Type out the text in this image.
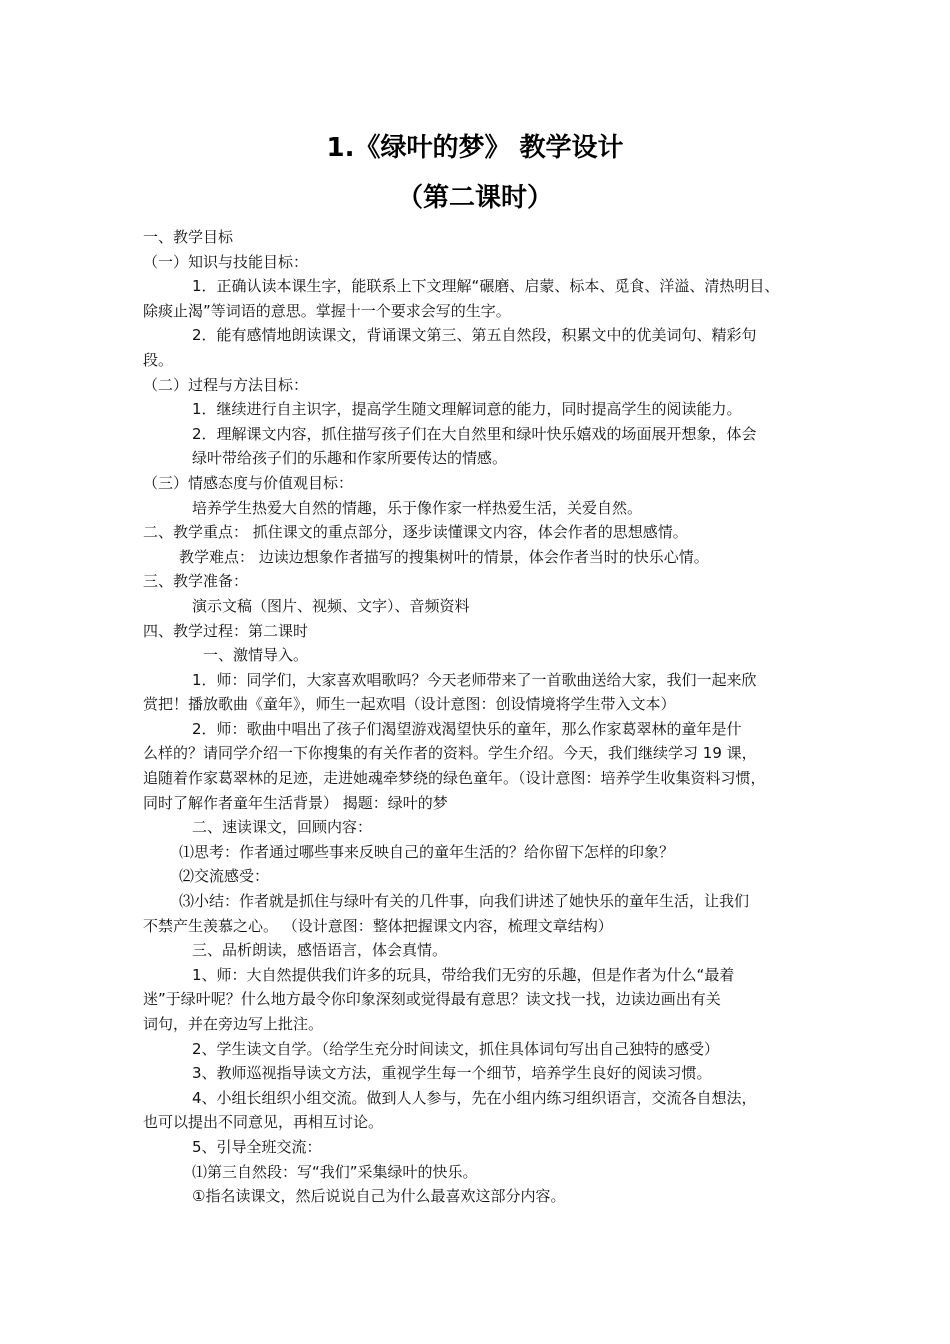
1.《绿叶的梦》 教学设计
（第二课时）

一、教学目标

（一）知识与技能目标：

1．正确认读本课生字，能联系上下文理解“碾磨、启蒙、标本、觅食、洋溢、清热明目、

除痰止渴”等词语的意思。掌握十一个要求会写的生字。

2．能有感情地朗读课文，背诵课文第三、第五自然段，积累文中的优美词句、精彩句

段。

（二）过程与方法目标：

1．继续进行自主识字，提高学生随文理解词意的能力，同时提高学生的阅读能力。

2．理解课文内容，抓住描写孩子们在大自然里和绿叶快乐嬉戏的场面展开想象，体会

绿叶带给孩子们的乐趣和作家所要传达的情感。

（三）情感态度与价值观目标：

培养学生热爱大自然的情趣，乐于像作家一样热爱生活，关爱自然。

二、教学重点： 抓住课文的重点部分，逐步读懂课文内容，体会作者的思想感情。

教学难点： 边读边想象作者描写的搜集树叶的情景，体会作者当时的快乐心情。

三、教学准备：

演示文稿（图片、视频、文字）、音频资料

四、教学过程：第二课时

一、激情导入。

1．师：同学们，大家喜欢唱歌吗？今天老师带来了一首歌曲送给大家，我们一起来欣

赏把！播放歌曲《童年》，师生一起欢唱（设计意图：创设情境将学生带入文本）

2．师：歌曲中唱出了孩子们渴望游戏渴望快乐的童年，那么作家葛翠林的童年是什

么样的？请同学介绍一下你搜集的有关作者的资料。学生介绍。今天，我们继续学习 19 课，

追随着作家葛翠林的足迹，走进她魂牵梦绕的绿色童年。（设计意图：培养学生收集资料习惯，

同时了解作者童年生活背景） 揭题：绿叶的梦

二、速读课文，回顾内容：

⑴思考：作者通过哪些事来反映自己的童年生活的？给你留下怎样的印象？

⑵交流感受：

⑶小结：作者就是抓住与绿叶有关的几件事，向我们讲述了她快乐的童年生活，让我们

不禁产生羡慕之心。 （设计意图：整体把握课文内容，梳理文章结构）

三、品析朗读，感悟语言，体会真情。

1、师：大自然提供我们许多的玩具，带给我们无穷的乐趣，但是作者为什么“最着

迷”于绿叶呢？什么地方最令你印象深刻或觉得最有意思？读文找一找，边读边画出有关

词句，并在旁边写上批注。

2、学生读文自学。（给学生充分时间读文，抓住具体词句写出自己独特的感受）

3、教师巡视指导读文方法，重视学生每一个细节，培养学生良好的阅读习惯。

4、小组长组织小组交流。做到人人参与，先在小组内练习组织语言，交流各自想法，

也可以提出不同意见，再相互讨论。

5、引导全班交流：

⑴第三自然段：写“我们”采集绿叶的快乐。

①指名读课文，然后说说自己为什么最喜欢这部分内容。
